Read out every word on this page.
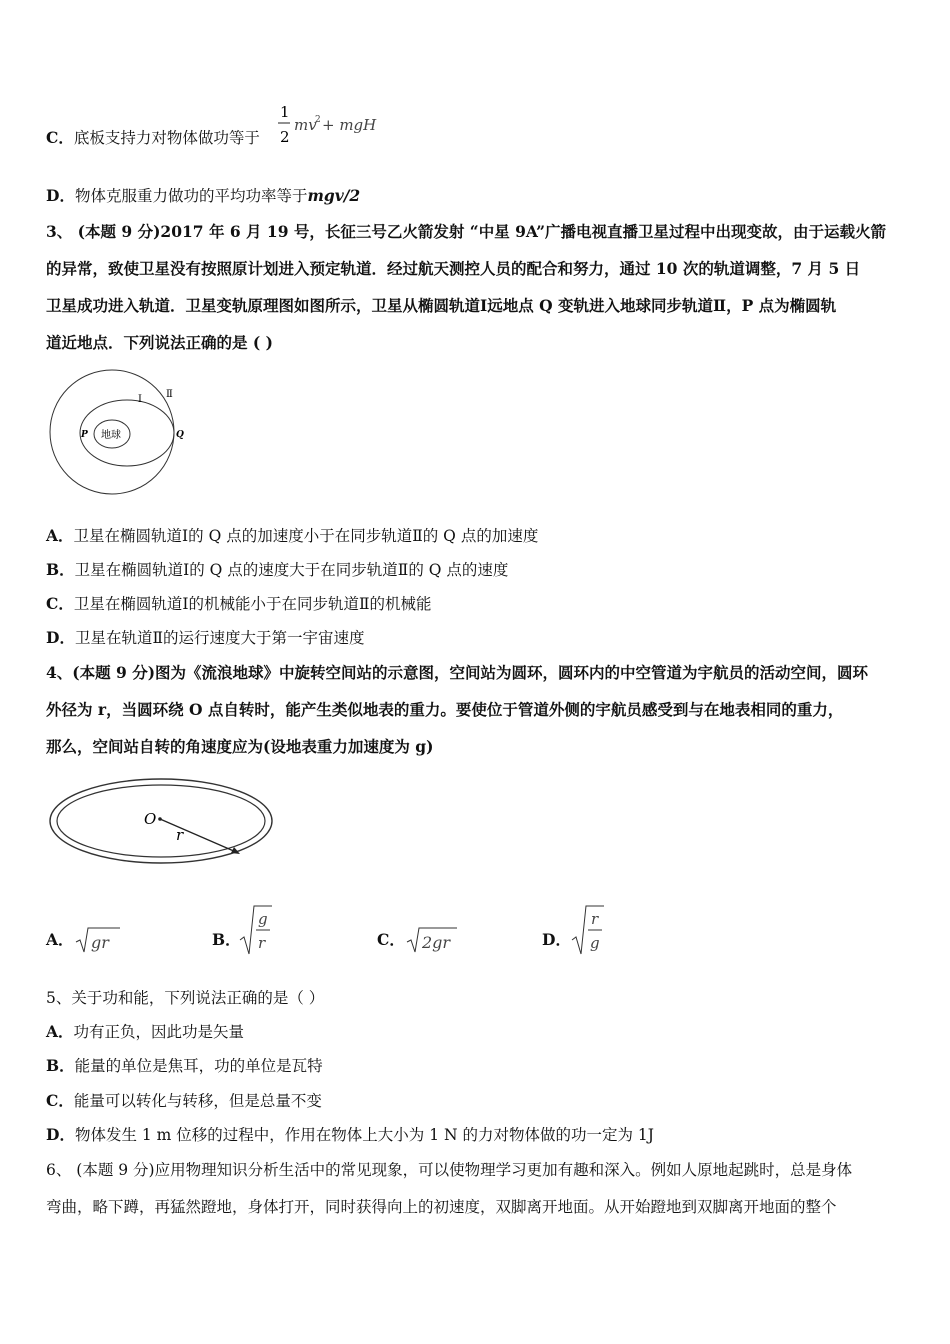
C．底板支持力对物体做功等于
1
2
mv
2 + mgH
D．物体克服重力做功的平均功率等于mgv/2
3、 (本题 9 分)2017 年 6 月 19 号，长征三号乙火箭发射 “中星 9A”广播电视直播卫星过程中出现变故，由于运载火箭
的异常，致使卫星没有按照原计划进入预定轨道．经过航天测控人员的配合和努力，通过 10 次的轨道调整，7 月 5 日
卫星成功进入轨道．卫星变轨原理图如图所示，卫星从椭圆轨道Ⅰ远地点 Q 变轨进入地球同步轨道Ⅱ，P 点为椭圆轨
道近地点．下列说法正确的是 ( )
地球
P	Q
Ⅰ Ⅱ
A．卫星在椭圆轨道Ⅰ的 Q 点的加速度小于在同步轨道Ⅱ的 Q 点的加速度
B．卫星在椭圆轨道Ⅰ的 Q 点的速度大于在同步轨道Ⅱ的 Q 点的速度
C．卫星在椭圆轨道Ⅰ的机械能小于在同步轨道Ⅱ的机械能
D．卫星在轨道Ⅱ的运行速度大于第一宇宙速度
4、(本题 9 分)图为《流浪地球》中旋转空间站的示意图，空间站为圆环，圆环内的中空管道为宇航员的活动空间，圆环
外径为 r，当圆环绕 O 点自转时，能产生类似地表的重力。要使位于管道外侧的宇航员感受到与在地表相同的重力，
那么，空间站自转的角速度应为(设地表重力加速度为 g)
O
r
A． gr	B．
g
r	C． 2gr	D．
r
g
5、关于功和能，下列说法正确的是（ ）
A．功有正负，因此功是矢量
B．能量的单位是焦耳，功的单位是瓦特
C．能量可以转化与转移，但是总量不变
D．物体发生 1 m 位移的过程中，作用在物体上大小为 1 N 的力对物体做的功一定为 1J
6、 (本题 9 分)应用物理知识分析生活中的常见现象，可以使物理学习更加有趣和深入。例如人原地起跳时，总是身体
弯曲，略下蹲，再猛然蹬地，身体打开，同时获得向上的初速度，双脚离开地面。从开始蹬地到双脚离开地面的整个
